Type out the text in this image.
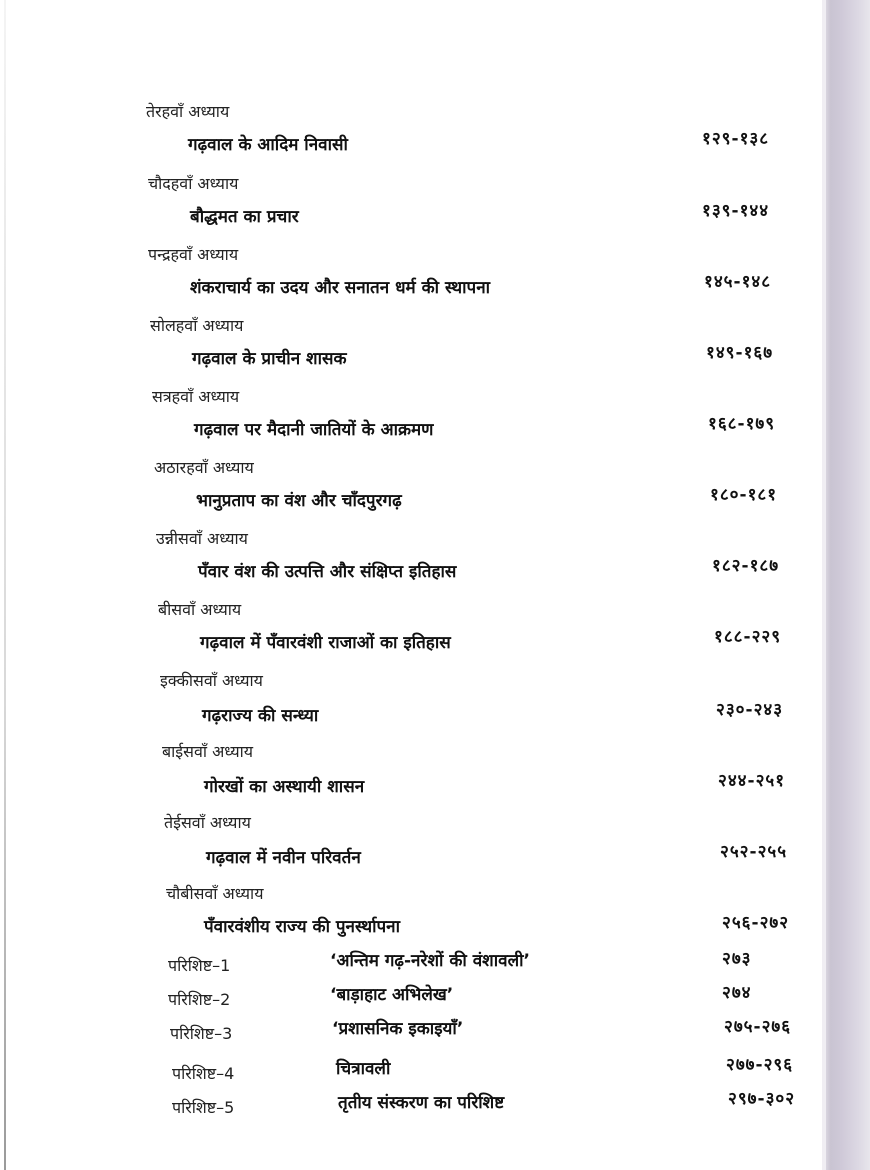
तेरहवाँ अध्याय
गढ़वाल के आदिम निवासी	१२९-१३८
चौदहवाँ अध्याय
बौद्धमत का प्रचार	१३९-१४४
पन्द्रहवाँ अध्याय
शंकराचार्य का उदय और सनातन धर्म की स्थापना	१४५-१४८
सोलहवाँ अध्याय
गढ़वाल के प्राचीन शासक	१४९-१६७
सत्रहवाँ अध्याय
गढ़वाल पर मैदानी जातियों के आक्रमण	१६८-१७९
अठारहवाँ अध्याय
भानुप्रताप का वंश और चाँदपुरगढ़	१८०-१८१
उन्नीसवाँ अध्याय
पँवार वंश की उत्पत्ति और संक्षिप्त इतिहास	१८२-१८७
बीसवाँ अध्याय
गढ़वाल में पँवारवंशी राजाओं का इतिहास	१८८-२२९
इक्कीसवाँ अध्याय
गढ़राज्य की सन्ध्या	२३०-२४३
बाईसवाँ अध्याय
गोरखों का अस्थायी शासन	२४४-२५१
तेईसवाँ अध्याय
गढ़वाल में नवीन परिवर्तन	२५२-२५५
चौबीसवाँ अध्याय
पँवारवंशीय राज्य की पुनर्स्थापना	२५६-२७२
परिशिष्ट–1	‘अन्तिम गढ़-नरेशों की वंशावली’	२७३
परिशिष्ट–2	‘बाड़ाहाट अभिलेख’	२७४
परिशिष्ट–3	‘प्रशासनिक इकाइयाँ’	२७५-२७६
परिशिष्ट–4	चित्रावली	२७७-२९६
परिशिष्ट–5	तृतीय संस्करण का परिशिष्ट	२९७-३०२
